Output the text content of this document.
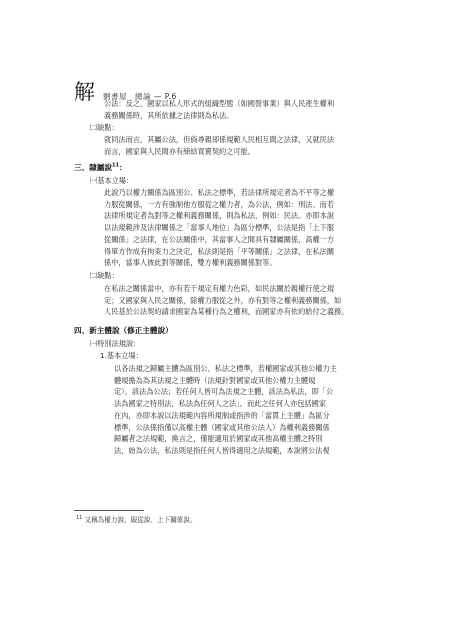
解 劉書屋　總論 — P.6

公法：反之，國家以私人形式的組織型態（如國營事業）與人民產生權利

義務關係時，其所依據之法律則為私法。

㈡缺點：

就同法而言，其屬公法，但倘尋親卻係規範人民相互間之法律，又就民法

而言，國家與人民間亦有締結買賣契約之可能。

三、隸屬說$^{11}$：
㈠基本立場：

此說乃以權力關係為區別公、私法之標準，若法律所規定者為不平等之權

力服從關係，一方有強制他方服從之權力者，為公法，例如：刑法、而若

法律所規定者為對等之權利義務關係，則為私法，例如：民法。亦即本說

以法規範涉及法律關係之「當事人地位」為區分標準，公法是指「上下服

從關係」之法律，在公法關係中，其當事人之間具有隸屬關係，高權一方

得單方作成有拘束力之決定，私法則是指「平等關係」之法律，在私法關

係中，當事人彼此對等關係，雙方權利義務關係對等。

㈡缺點：

在私法之關係當中，亦有若干規定有權力色彩，如民法關於親權行使之規

定；又國家與人民之關係，除權力服從之外，亦有對等之權利義務關係，如

人民基於公法契約請求國家為某種行為之權利，而國家亦有依約給付之義務。

四、新主體說（修正主體說）
㈠特別法規說：
1.基本立場：

以各法規之歸屬主體為區別公、私法之標準，若權國家或其他公權力主

體規擔為為其法規之主體時（法規針對國家或其他公權力主體規

定），該法為公法；若任何人皆可為法規之主體，該法為私法，即「公

法為國家之特別法，私法為任何人之法」。而此之任何人亦包括國家

在內，亦即本說以法規範內容所規制或指涉的「當貫上主體」為區分

標準，公法係指僅以高權主體（國家或其他公法人）為權利義務關係

歸屬者之法規範，換言之，僅能適用於國家或其他高權主體之特別

法，始為公法，私法則是指任何人皆得適用之法規範，本說將公法視

$^{11}$ 又稱為權力說、服從說、上下關係說。
